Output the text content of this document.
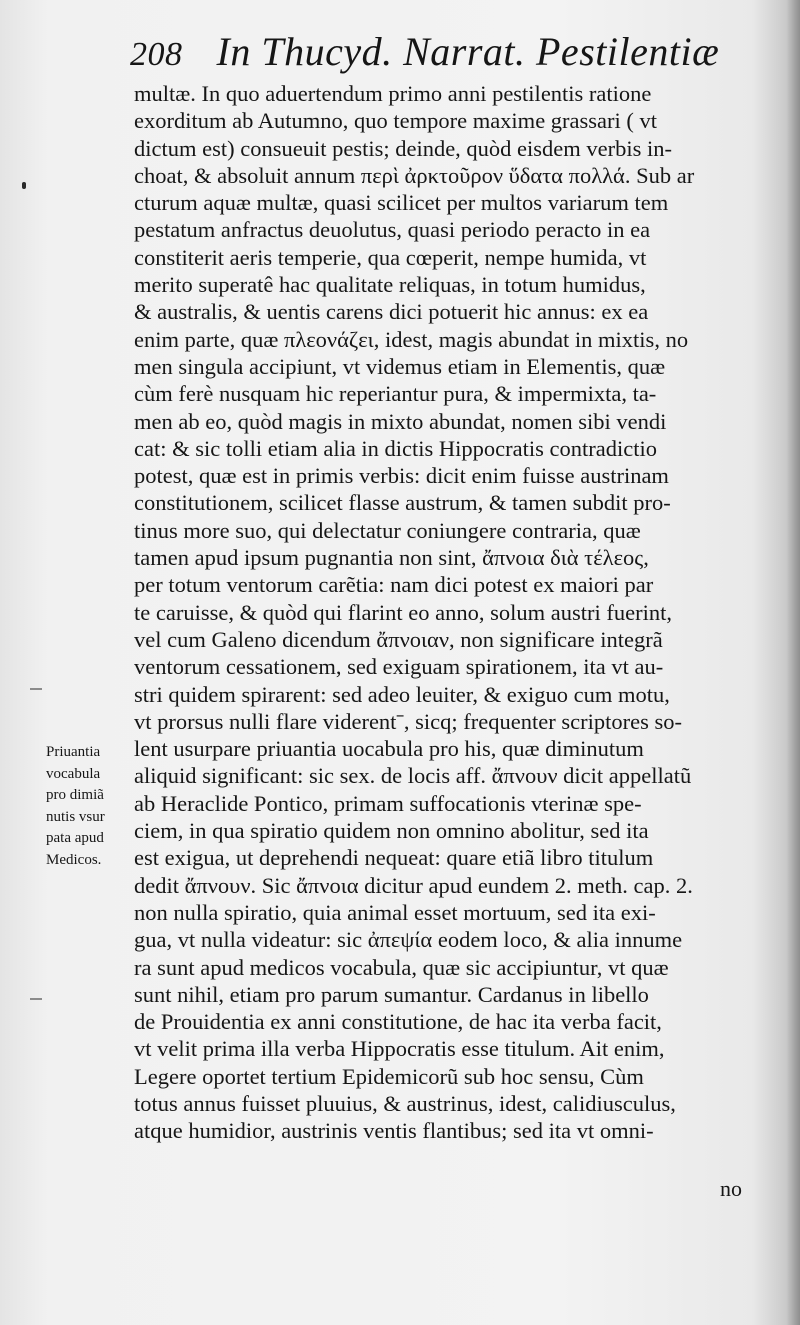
208 In Thucyd. Narrat. Pestilentiæ
multæ. In quo aduertendum primo anni pestilentis ratione
exorditum ab Autumno, quo tempore maxime grassari ( vt
dictum est) consueuit pestis; deinde, quòd eisdem verbis in-
choat, & absoluit annum περὶ ἀρκτοῦρον ὕδατα πολλά. Sub ar
cturum aquæ multæ, quasi scilicet per multos variarum tem
pestatum anfractus deuolutus, quasi periodo peracto in ea
constiterit aeris temperie, qua cœperit, nempe humida, vt
merito superatê hac qualitate reliquas, in totum humidus,
& australis, & uentis carens dici potuerit hic annus: ex ea
enim parte, quæ πλεονάζει, idest, magis abundat in mixtis, no
men singula accipiunt, vt videmus etiam in Elementis, quæ
cùm ferè nusquam hic reperiantur pura, & impermixta, ta-
men ab eo, quòd magis in mixto abundat, nomen sibi vendi
cat: & sic tolli etiam alia in dictis Hippocratis contradictio
potest, quæ est in primis verbis: dicit enim fuisse austrinam
constitutionem, scilicet flasse austrum, & tamen subdit pro-
tinus more suo, qui delectatur coniungere contraria, quæ
tamen apud ipsum pugnantia non sint, ἄπνοια διὰ τέλεος,
per totum ventorum carẽtia: nam dici potest ex maiori par
te caruisse, & quòd qui flarint eo anno, solum austri fuerint,
vel cum Galeno dicendum ἄπνοιαν, non significare integrã
ventorum cessationem, sed exiguam spirationem, ita vt au-
stri quidem spirarent: sed adeo leuiter, & exiguo cum motu,
vt prorsus nulli flare viderentˉ, sicq; frequenter scriptores so-
lent usurpare priuantia uocabula pro his, quæ diminutum
aliquid significant: sic sex. de locis aff. ἄπνουν dicit appellatũ
ab Heraclide Pontico, primam suffocationis vterinæ spe-
ciem, in qua spiratio quidem non omnino abolitur, sed ita
est exigua, ut deprehendi nequeat: quare etiã libro titulum
dedit ἄπνουν. Sic ἄπνοια dicitur apud eundem 2. meth. cap. 2.
non nulla spiratio, quia animal esset mortuum, sed ita exi-
gua, vt nulla videatur: sic ἀπεψία eodem loco, & alia innume
ra sunt apud medicos vocabula, quæ sic accipiuntur, vt quæ
sunt nihil, etiam pro parum sumantur. Cardanus in libello
de Prouidentia ex anni constitutione, de hac ita verba facit,
vt velit prima illa verba Hippocratis esse titulum. Ait enim,
Legere oportet tertium Epidemicorũ sub hoc sensu, Cùm
totus annus fuisset pluuius, & austrinus, idest, calidiusculus,
atque humidior, austrinis ventis flantibus; sed ita vt omni-
no
Priuantia
vocabula
pro dimiã
nutis vsur
pata apud
Medicos.
